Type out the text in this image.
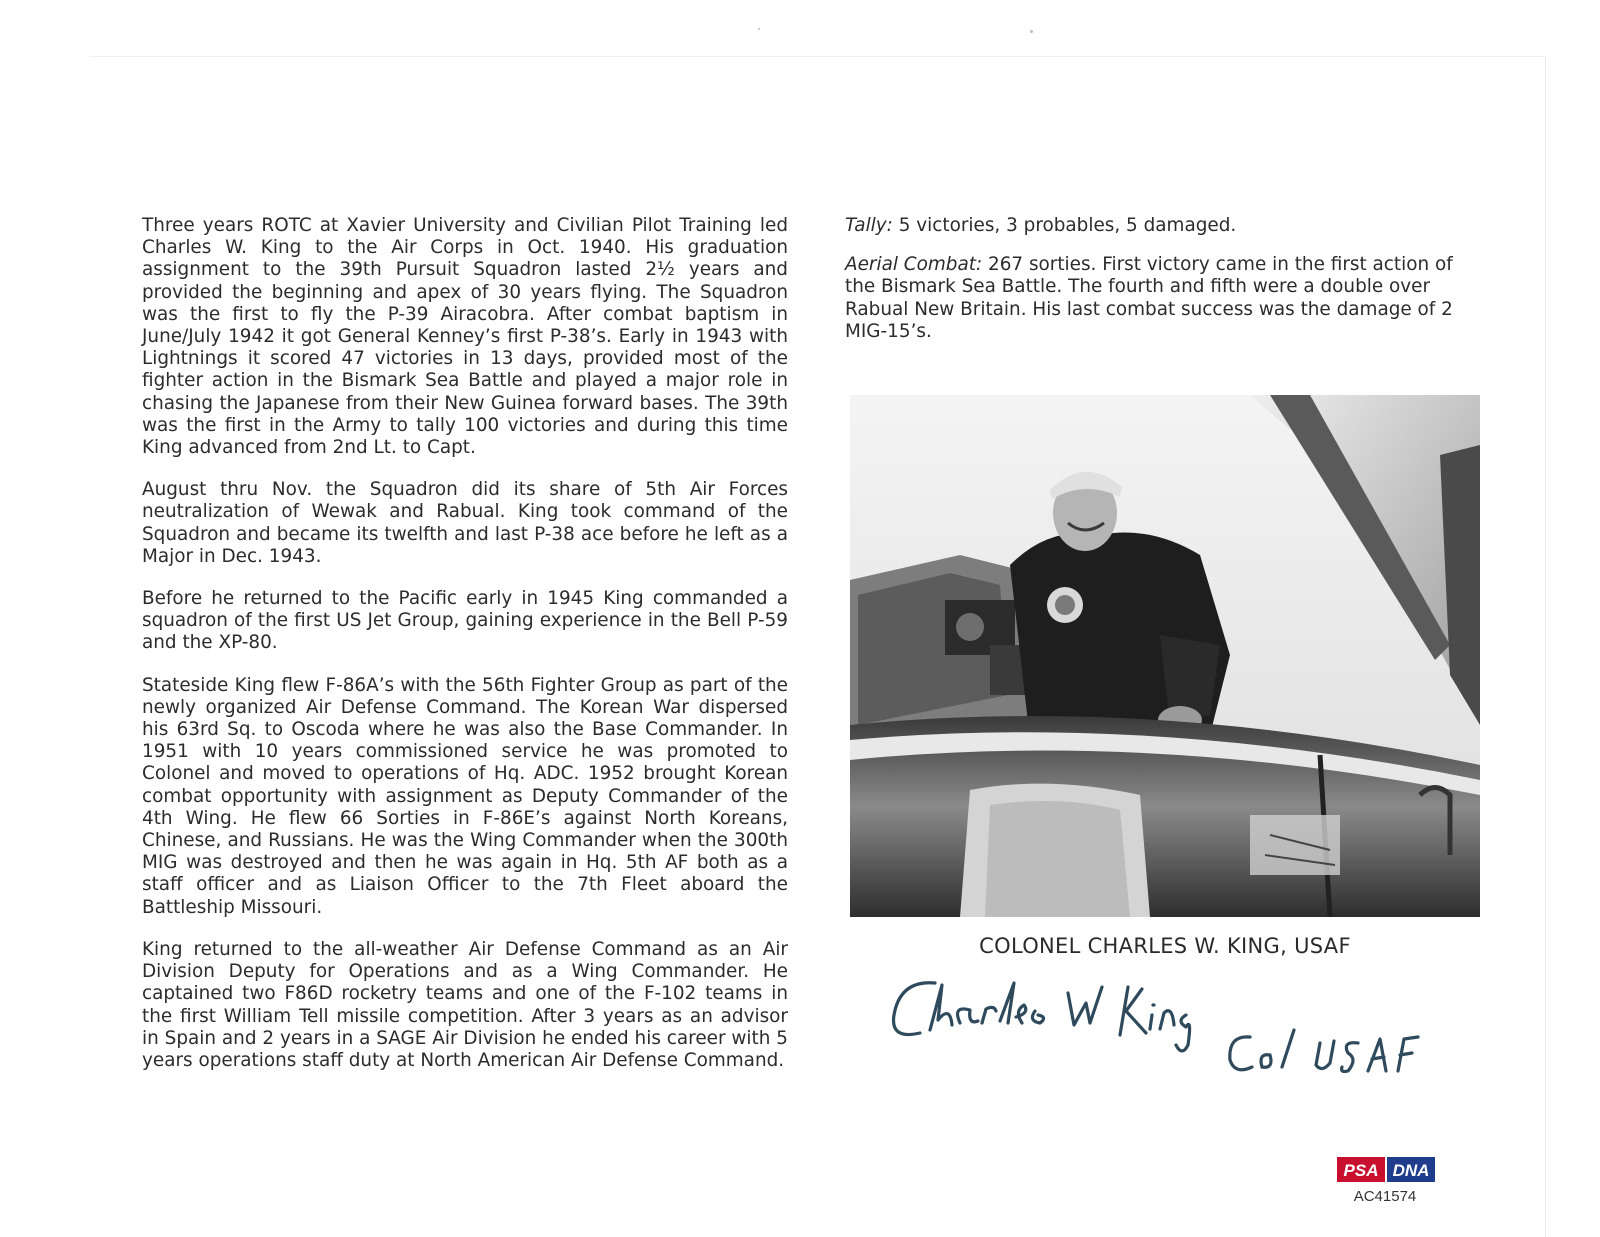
Three years ROTC at Xavier University and Civilian Pilot Training led Charles W. King to the Air Corps in Oct. 1940. His graduation assignment to the 39th Pursuit Squadron lasted 2½ years and provided the beginning and apex of 30 years flying. The Squadron was the first to fly the P-39 Airacobra. After combat baptism in June/July 1942 it got General Kenney’s first P-38’s. Early in 1943 with Lightnings it scored 47 victories in 13 days, provided most of the fighter action in the Bismark Sea Battle and played a major role in chasing the Japanese from their New Guinea forward bases. The 39th was the first in the Army to tally 100 victories and during this time King advanced from 2nd Lt. to Capt.

August thru Nov. the Squadron did its share of 5th Air Forces neutralization of Wewak and Rabual. King took command of the Squadron and became its twelfth and last P-38 ace before he left as a Major in Dec. 1943.

Before he returned to the Pacific early in 1945 King commanded a squadron of the first US Jet Group, gaining experience in the Bell P-59 and the XP-80.

Stateside King flew F-86A’s with the 56th Fighter Group as part of the newly organized Air Defense Command. The Korean War dispersed his 63rd Sq. to Oscoda where he was also the Base Commander. In 1951 with 10 years commissioned service he was promoted to Colonel and moved to operations of Hq. ADC. 1952 brought Korean combat opportunity with assignment as Deputy Commander of the 4th Wing. He flew 66 Sorties in F-86E’s against North Koreans, Chinese, and Russians. He was the Wing Commander when the 300th MIG was destroyed and then he was again in Hq. 5th AF both as a staff officer and as Liaison Officer to the 7th Fleet aboard the Battleship Missouri.

King returned to the all-weather Air Defense Command as an Air Division Deputy for Operations and as a Wing Commander. He captained two F86D rocketry teams and one of the F-102 teams in the first William Tell missile competition. After 3 years as an advisor in Spain and 2 years in a SAGE Air Division he ended his career with 5 years operations staff duty at North American Air Defense Command.

Tally: 5 victories, 3 probables, 5 damaged.

Aerial Combat: 267 sorties. First victory came in the first action of the Bismark Sea Battle. The fourth and fifth were a double over Rabual New Britain. His last combat success was the damage of 2 MIG-15’s.

COLONEL CHARLES W. KING, USAF
PSA DNA
AC41574
